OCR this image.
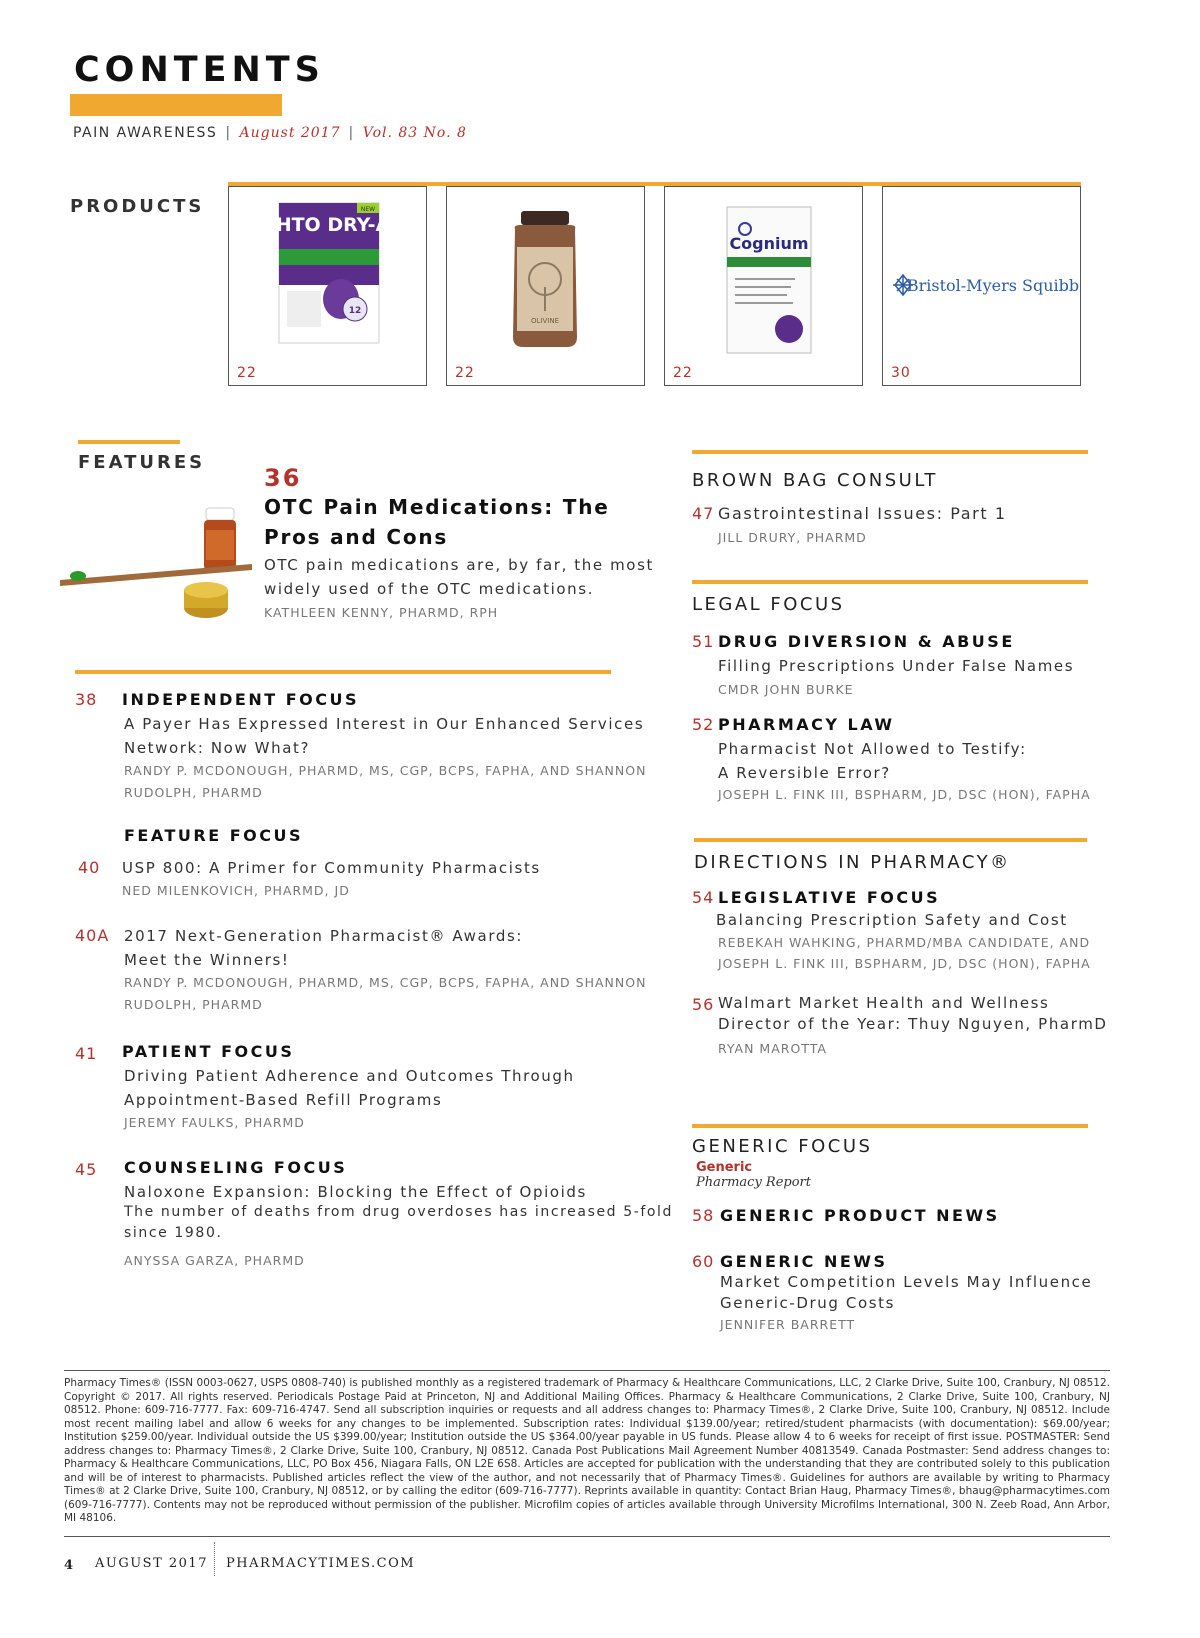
CONTENTS
PAIN AWARENESS | August 2017 | Vol. 83 No. 8
PRODUCTS	NEW
ROHTO DRY-AID
12
22
OLIVINE
22
Cognium
22
Bristol-Myers Squibb
30
FEATURES
36
OTC Pain Medications: The
Pros and Cons
OTC pain medications are, by far, the most
widely used of the OTC medications.
KATHLEEN KENNY, PHARMD, RPH
38 INDEPENDENT FOCUS
A Payer Has Expressed Interest in Our Enhanced Services
Network: Now What?
RANDY P. MCDONOUGH, PHARMD, MS, CGP, BCPS, FAPHA, AND SHANNON
RUDOLPH, PHARMD
FEATURE FOCUS
40 USP 800: A Primer for Community Pharmacists
NED MILENKOVICH, PHARMD, JD
40A 2017 Next-Generation Pharmacist® Awards:
Meet the Winners!
RANDY P. MCDONOUGH, PHARMD, MS, CGP, BCPS, FAPHA, AND SHANNON
RUDOLPH, PHARMD
41 PATIENT FOCUS
Driving Patient Adherence and Outcomes Through
Appointment-Based Refill Programs
JEREMY FAULKS, PHARMD
45 COUNSELING FOCUS
Naloxone Expansion: Blocking the Effect of Opioids
The number of deaths from drug overdoses has increased 5-fold
since 1980.
ANYSSA GARZA, PHARMD
BROWN BAG CONSULT
47 Gastrointestinal Issues: Part 1
JILL DRURY, PHARMD
LEGAL FOCUS
51 DRUG DIVERSION & ABUSE
Filling Prescriptions Under False Names
CMDR JOHN BURKE
52 PHARMACY LAW
Pharmacist Not Allowed to Testify:
A Reversible Error?
JOSEPH L. FINK III, BSPHARM, JD, DSC (HON), FAPHA
DIRECTIONS IN PHARMACY®
54 LEGISLATIVE FOCUS
Balancing Prescription Safety and Cost
REBEKAH WAHKING, PHARMD/MBA CANDIDATE, AND
JOSEPH L. FINK III, BSPHARM, JD, DSC (HON), FAPHA
56 Walmart Market Health and Wellness
Director of the Year: Thuy Nguyen, PharmD
RYAN MAROTTA
GENERIC FOCUS
Generic
Pharmacy Report
58 GENERIC PRODUCT NEWS
60 GENERIC NEWS
Market Competition Levels May Influence
Generic-Drug Costs
JENNIFER BARRETT
Pharmacy Times® (ISSN 0003-0627, USPS 0808-740) is published monthly as a registered trademark of Pharmacy & Healthcare Communications, LLC, 2 Clarke Drive, Suite 100, Cranbury, NJ 08512. Copyright © 2017. All rights reserved. Periodicals Postage Paid at Princeton, NJ and Additional Mailing Offices. Pharmacy & Healthcare Communications, 2 Clarke Drive, Suite 100, Cranbury, NJ 08512. Phone: 609-716-7777. Fax: 609-716-4747. Send all subscription inquiries or requests and all address changes to: Pharmacy Times®, 2 Clarke Drive, Suite 100, Cranbury, NJ 08512. Include most recent mailing label and allow 6 weeks for any changes to be implemented. Subscription rates: Individual $139.00/year; retired/student pharmacists (with documentation): $69.00/year; Institution $259.00/year. Individual outside the US $399.00/year; Institution outside the US $364.00/year payable in US funds. Please allow 4 to 6 weeks for receipt of first issue. POSTMASTER: Send address changes to: Pharmacy Times®, 2 Clarke Drive, Suite 100, Cranbury, NJ 08512. Canada Post Publications Mail Agreement Number 40813549. Canada Postmaster: Send address changes to: Pharmacy & Healthcare Communications, LLC, PO Box 456, Niagara Falls, ON L2E 6S8. Articles are accepted for publication with the understanding that they are contributed solely to this publication and will be of interest to pharmacists. Published articles reflect the view of the author, and not necessarily that of Pharmacy Times®. Guidelines for authors are available by writing to Pharmacy Times® at 2 Clarke Drive, Suite 100, Cranbury, NJ 08512, or by calling the editor (609-716-7777). Reprints available in quantity: Contact Brian Haug, Pharmacy Times®, bhaug@pharmacytimes.com (609-716-7777). Contents may not be reproduced without permission of the publisher. Microfilm copies of articles available through University Microfilms International, 300 N. Zeeb Road, Ann Arbor, MI 48106.
4 AUGUST 2017 PHARMACYTIMES.COM
